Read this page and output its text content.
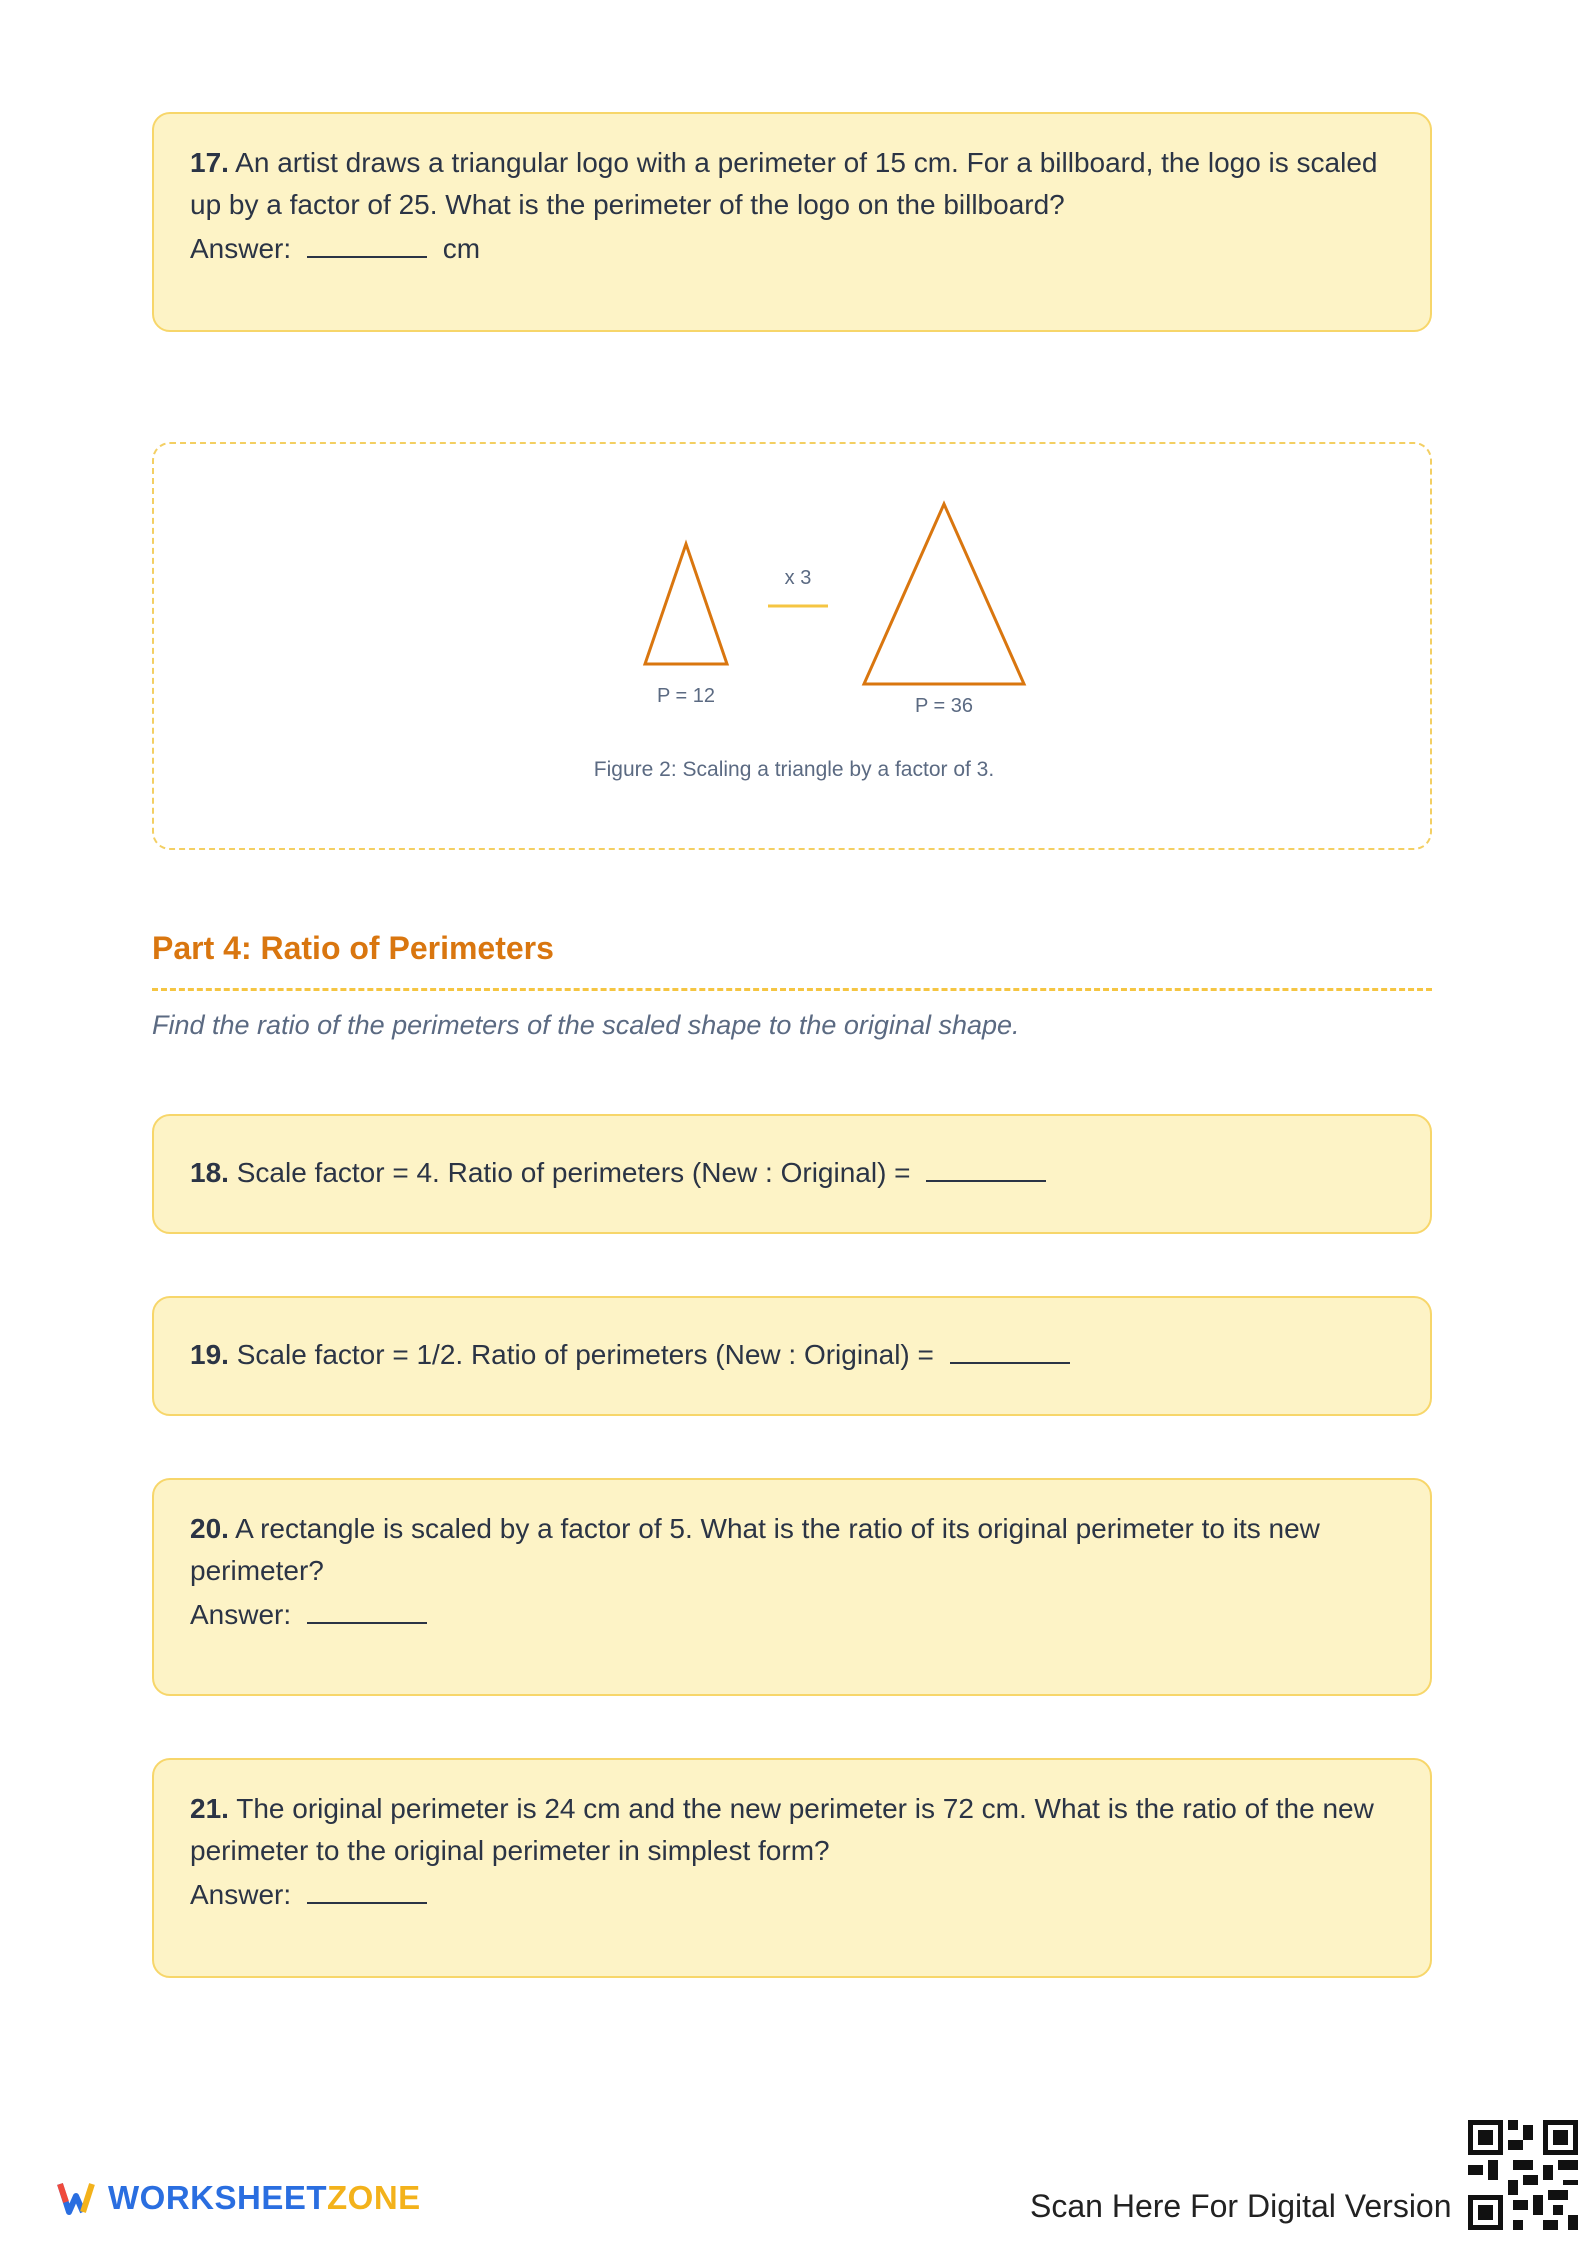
17. An artist draws a triangular logo with a perimeter of 15 cm. For a billboard, the logo is scaled up by a factor of 25. What is the perimeter of the logo on the billboard?

Answer:	cm

P = 12
x 3
P = 36
Figure 2: Scaling a triangle by a factor of 3.
Part 4: Ratio of Perimeters
Find the ratio of the perimeters of the scaled shape to the original shape.

18. Scale factor = 4. Ratio of perimeters (New : Original) =

19. Scale factor = 1/2. Ratio of perimeters (New : Original) =

20. A rectangle is scaled by a factor of 5. What is the ratio of its original perimeter to its new perimeter?

Answer:

21. The original perimeter is 24 cm and the new perimeter is 72 cm. What is the ratio of the new perimeter to the original perimeter in simplest form?

Answer:

WORKSHEETZONE	Scan Here For Digital Version
